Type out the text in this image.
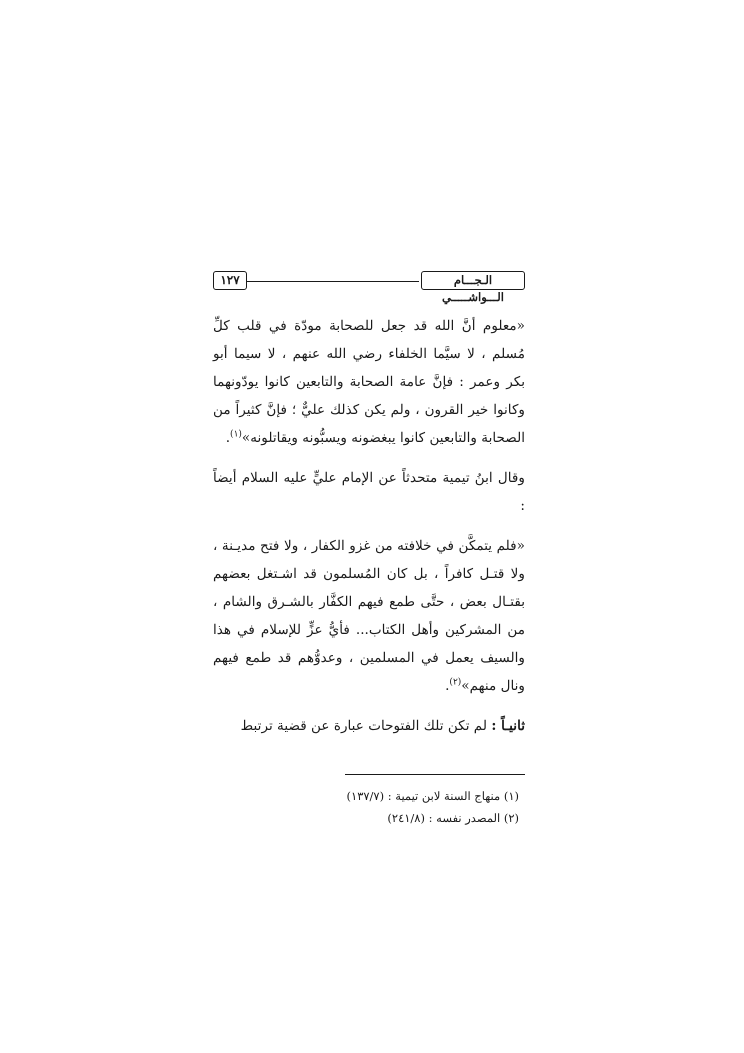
الـجـــام الـــواشـــــي
١٢٧

«معلوم أنَّ الله قد جعل للصحابة مودّة في قلب كلِّ مُسلم ، لا سيَّما الخلفاء رضي الله عنهم ، لا سيما أبو بكر وعمر : فإنَّ عامة الصحابة والتابعين كانوا يودّونهما وكانوا خير القرون ، ولم يكن كذلك عليٌّ ؛ فإنَّ كثيراً من الصحابة والتابعين كانوا يبغضونه ويسبُّونه ويقاتلونه»$^{(١)}$.

وقال ابنُ تيمية متحدثاً عن الإمام عليٍّ عليه السلام أيضاً :

«فلم يتمكَّن في خلافته من غزو الكفار ، ولا فتح مديـنة ، ولا قتـل كافراً ، بل كان المُسلمون قد اشـتغل بعضهم بقتـال بعض ، حتَّى طمع فيهم الكفَّار بالشـرق والشام ، من المشركين وأهل الكتاب... فأيُّ عزٍّ للإسلام في هذا والسيف يعمل في المسلمين ، وعدوُّهم قد طمع فيهم ونال منهم»$^{(٢)}$.

ثانيـاً : لم تكن تلك الفتوحات عبارة عن قضية ترتبط

(١) منهاج السنة لابن تيمية : (١٣٧/٧)

(٢) المصدر نفسه : (٢٤١/٨)
